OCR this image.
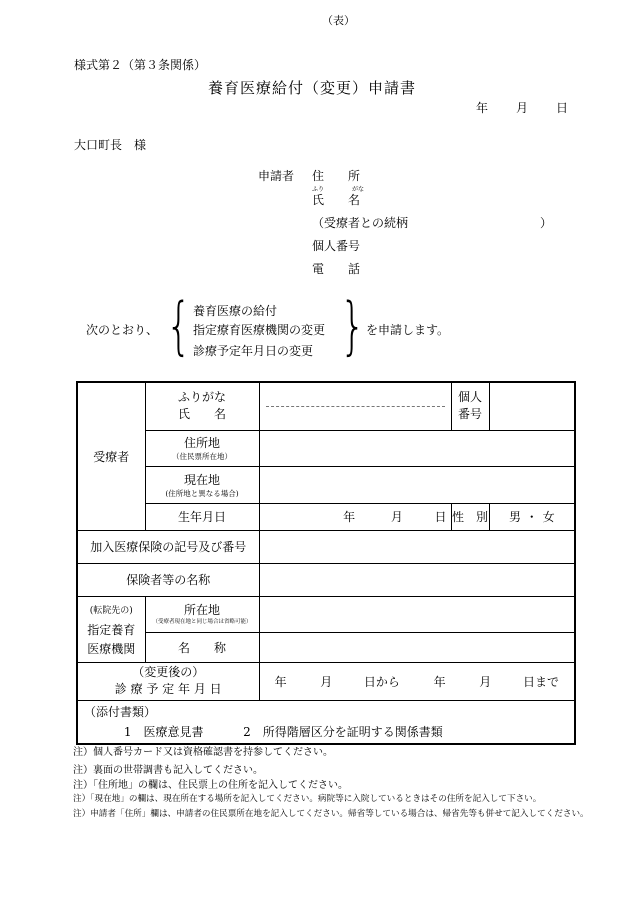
（表）
様式第２（第３条関係）
養育医療給付（変更）申請書
年 月 日
大口町長　様
申請者 住　　所
ふり	がな
氏　　名
（受療者との続柄	）
個人番号
電　　話
次のとおり、 { 養育医療の給付
指定療育医療機関の変更
診療予定年月日の変更 } を申請します。
受療者	ふりがな
氏　　名		個人
番号	
	住所地
（住民票所在地）			

	現在地
(住所地と異なる場合)			

	生年月日	年 月 日	性　別	男 ・ 女
加入医療保険の記号及び番号				
保険者等の名称				
(転院先の)
指定養育
医療機関	所在地
（受療者現在地と同じ場合は省略可能）			

	名　　称			
（変更後の）
診 療 予 定 年 月 日		年 月 日から 年 月 日まで		
（添付書類）
1　医療意見書 2　所得階層区分を証明する関係書類				
注）個人番号カード又は資格確認書を持参してください。
注）裏面の世帯調書も記入してください。
注）「住所地」の欄は、住民票上の住所を記入してください。
注）「現在地」の欄は、現在所在する場所を記入してください。病院等に入院しているときはその住所を記入して下さい。
注）申請者「住所」欄は、申請者の住民票所在地を記入してください。帰省等している場合は、帰省先等も併せて記入してください。
